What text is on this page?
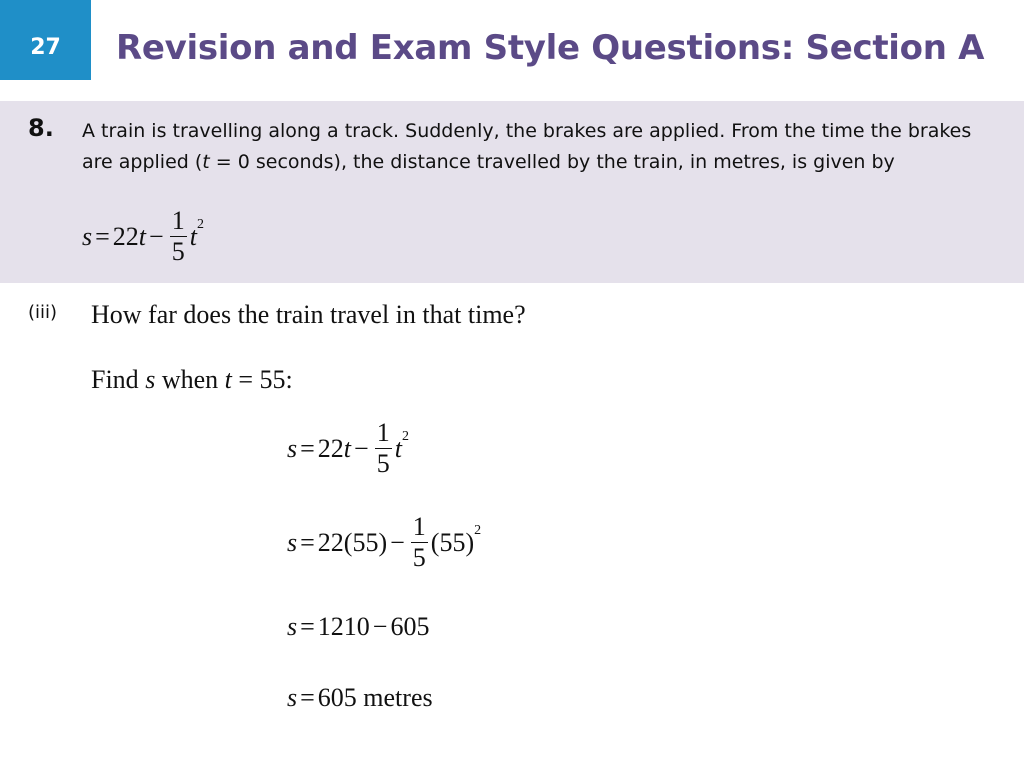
27 Revision and Exam Style Questions: Section A
8. A train is travelling along a track. Suddenly, the brakes are applied. From the time the brakes are applied (t = 0 seconds), the distance travelled by the train, in metres, is given by
s = 22 $t - \frac{1}{5} t^2$
(iii) How far does the train travel in that time?
Find s when t = 55:
s = 22 $t - \frac{1}{5} t^2$
$s = 22(55) - \frac{1}{5} (55)^2$
s = 1210 − 605
s = 605 metres
